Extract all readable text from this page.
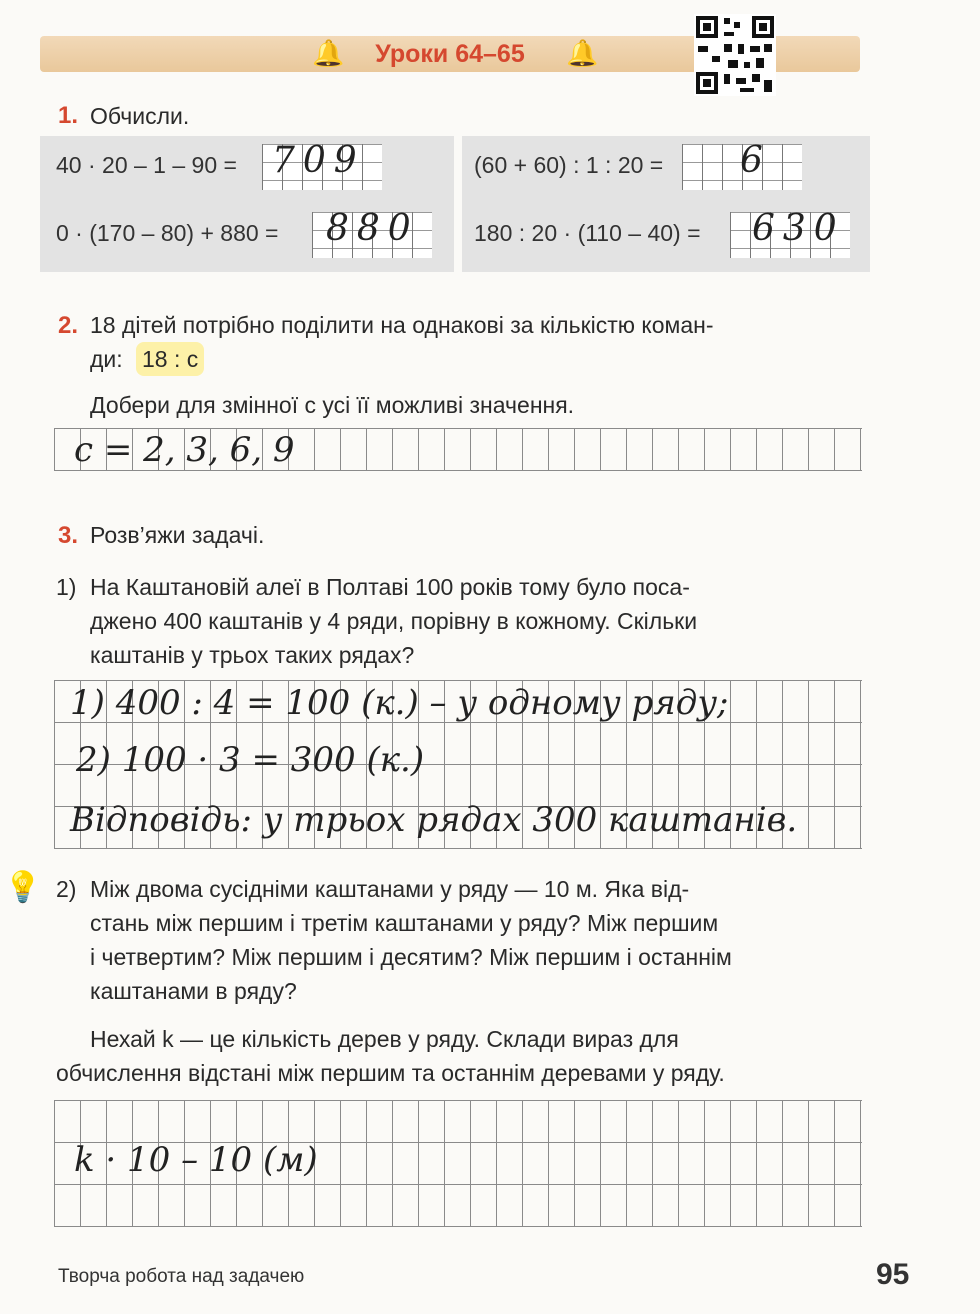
🔔	Уроки 64–65	🔔
1. Обчисли.
40 · 20 – 1 – 90 = 709	(60 + 60) : 1 : 20 = 6
0 · (170 – 80) + 880 = 880 180 : 20 · (110 – 40) = 630
2. 18 дітей потрібно поділити на однакові за кількістю коман-
ди: 18 : с
Добери для змінної с усі її можливі значення.
с = 2, 3, 6, 9
3. Розв’яжи задачі.
1) На Каштановій алеї в Полтаві 100 років тому було поса-
джено 400 каштанів у 4 ряди, порівну в кожному. Скільки
каштанів у трьох таких рядах?
1) 400 : 4 = 100 (к.) – у одному ряду;
2) 100 · 3 = 300 (к.)
Відповідь: у трьох рядах 300 каштанів.
💡 2) Між двома сусідніми каштанами у ряду — 10 м. Яка від-
стань між першим і третім каштанами у ряду? Між першим
і четвертим? Між першим і десятим? Між першим і останнім
каштанами в ряду?
Нехай k — це кількість дерев у ряду. Склади вираз для
обчислення відстані між першим та останнім деревами у ряду.
k · 10 – 10 (м)
Творча робота над задачею	95
